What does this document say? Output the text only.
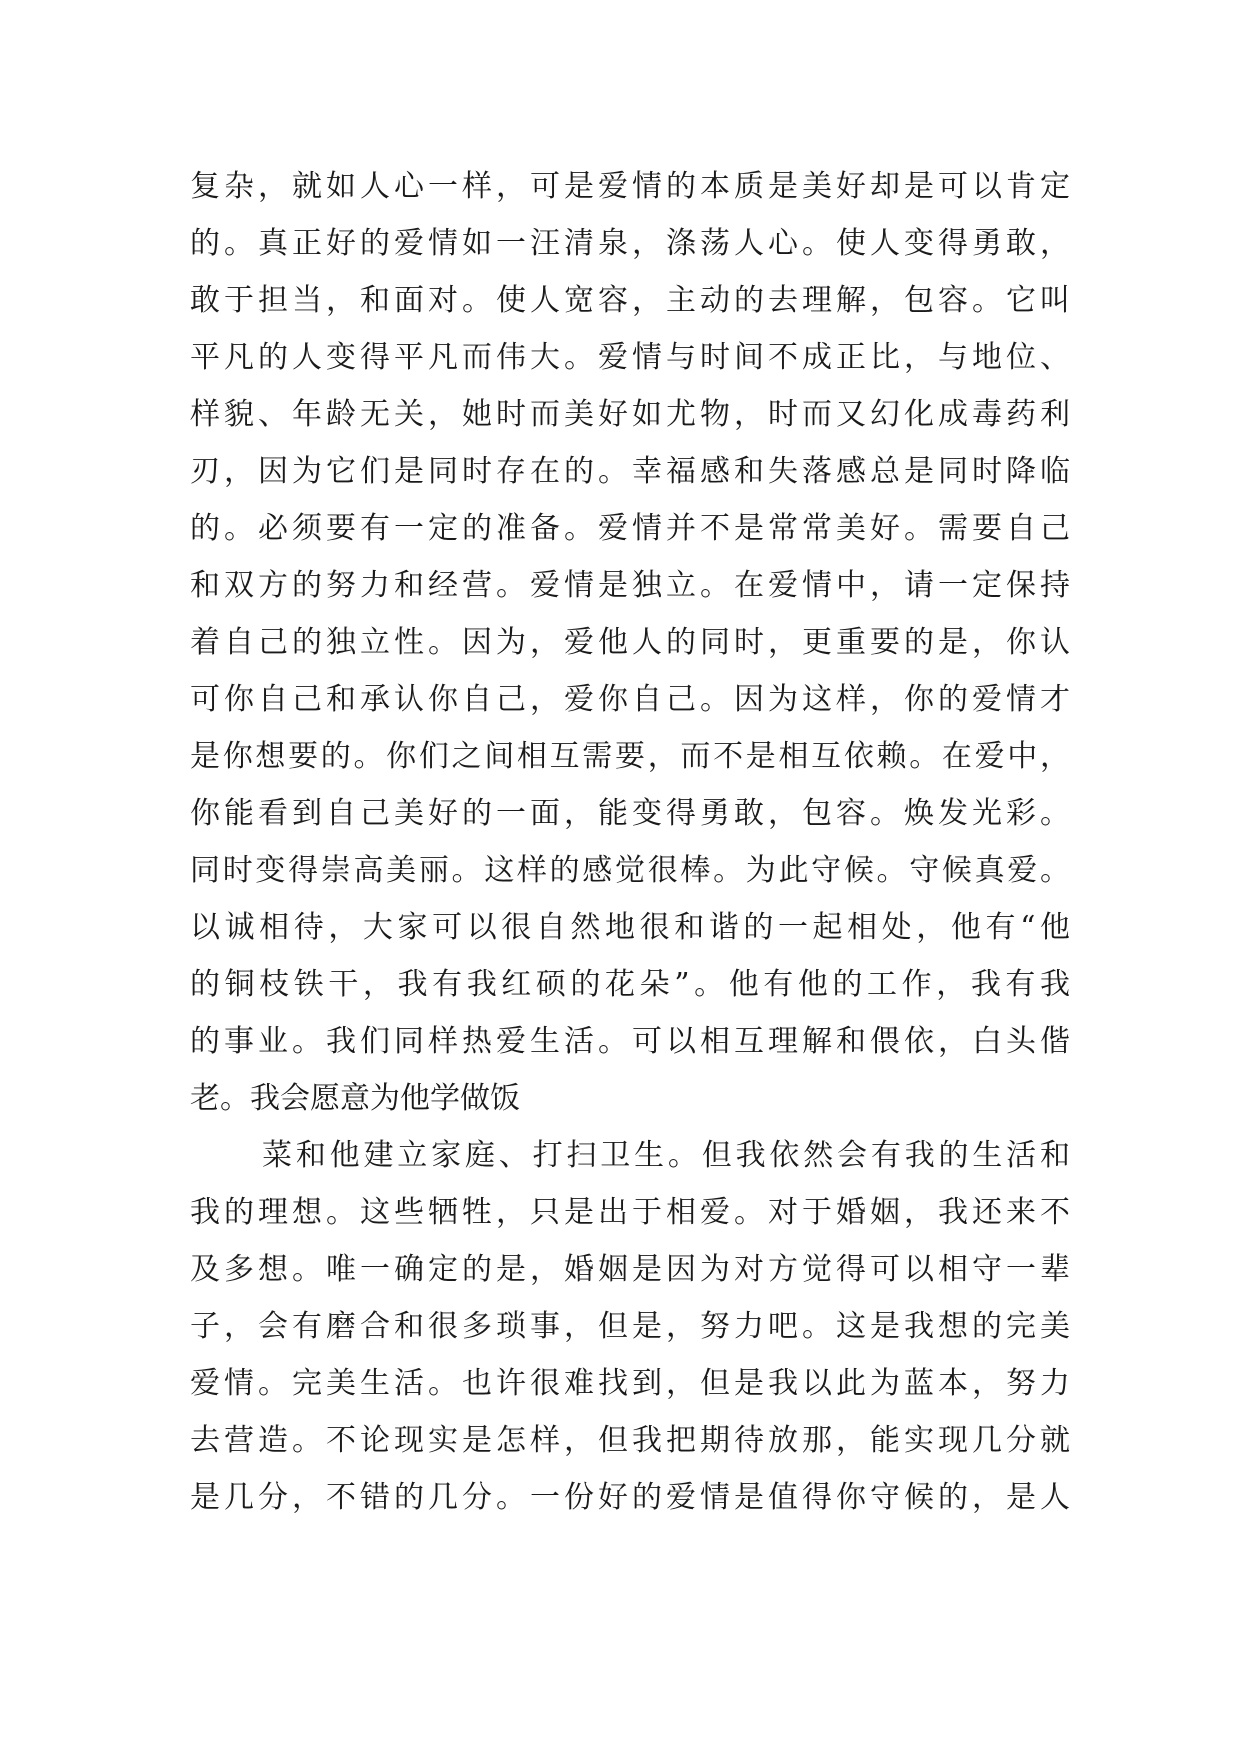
复杂，就如人心一样，可是爱情的本质是美好却是可以肯定
的。真正好的爱情如一汪清泉，涤荡人心。使人变得勇敢，
敢于担当，和面对。使人宽容，主动的去理解，包容。它叫
平凡的人变得平凡而伟大。爱情与时间不成正比，与地位、
样貌、年龄无关，她时而美好如尤物，时而又幻化成毒药利
刃，因为它们是同时存在的。幸福感和失落感总是同时降临
的。必须要有一定的准备。爱情并不是常常美好。需要自己
和双方的努力和经营。爱情是独立。在爱情中，请一定保持
着自己的独立性。因为，爱他人的同时，更重要的是，你认
可你自己和承认你自己，爱你自己。因为这样，你的爱情才
是你想要的。你们之间相互需要，而不是相互依赖。在爱中，
你能看到自己美好的一面，能变得勇敢，包容。焕发光彩。
同时变得崇高美丽。这样的感觉很棒。为此守候。守候真爱。
以诚相待，大家可以很自然地很和谐的一起相处，他有“他
的铜枝铁干，我有我红硕的花朵”。他有他的工作，我有我
的事业。我们同样热爱生活。可以相互理解和偎依，白头偕
老。我会愿意为他学做饭
菜和他建立家庭、打扫卫生。但我依然会有我的生活和
我的理想。这些牺牲，只是出于相爱。对于婚姻，我还来不
及多想。唯一确定的是，婚姻是因为对方觉得可以相守一辈
子，会有磨合和很多琐事，但是，努力吧。这是我想的完美
爱情。完美生活。也许很难找到，但是我以此为蓝本，努力
去营造。不论现实是怎样，但我把期待放那，能实现几分就
是几分，不错的几分。一份好的爱情是值得你守候的，是人
